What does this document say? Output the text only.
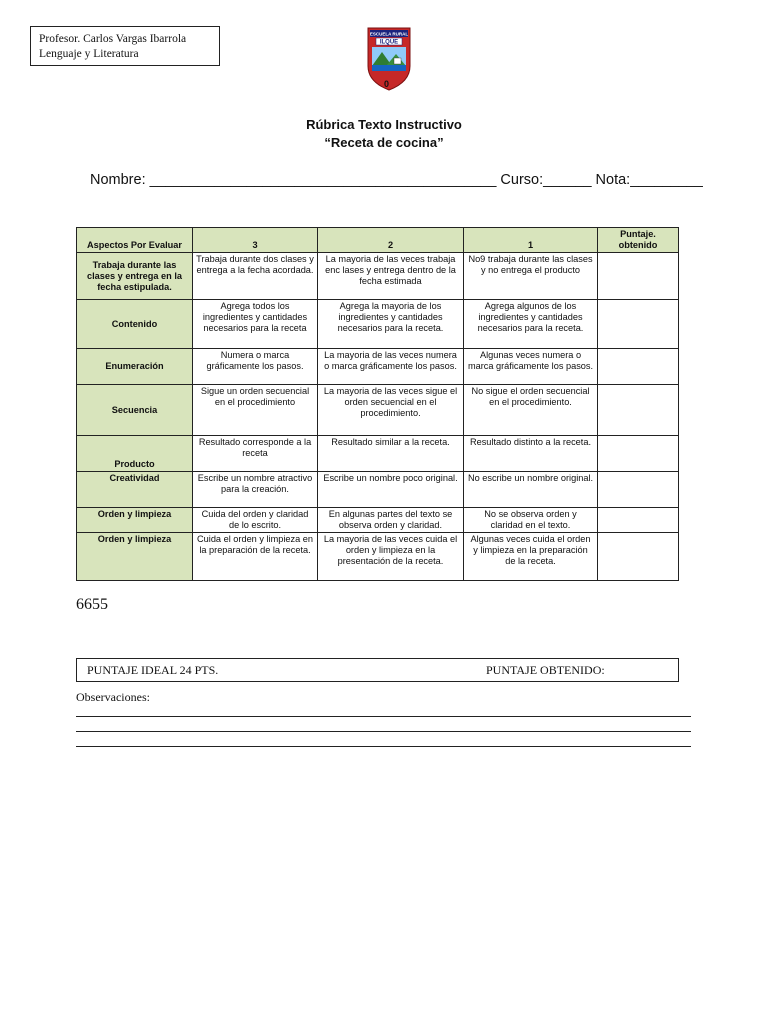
Profesor. Carlos Vargas Ibarrola
Lenguaje y Literatura
ESCUELA RURAL
ILQUE
0
Rúbrica Texto Instructivo
“Receta de cocina”
Nombre: ___________________________________________ Curso:______ Nota:_________
Aspectos Por Evaluar	3	2	1	Puntaje. obtenido
Trabaja durante las clases y entrega en la fecha estipulada.	Trabaja durante dos clases y entrega a la fecha acordada.	La mayoria de las veces trabaja enc lases y entrega dentro de la fecha estimada	No9 trabaja durante las clases y no entrega el producto	
Contenido	Agrega todos los ingredientes y cantidades necesarios para la receta	Agrega la mayoria de los ingredientes y cantidades necesarios para la receta.	Agrega algunos de los ingredientes y cantidades necesarios para la receta.	
Enumeración	Numera o marca gráficamente los pasos.	La mayoria de las veces numera o marca gráficamente los pasos.	Algunas veces numera o marca gráficamente los pasos.	
Secuencia	Sigue un orden secuencial en el procedimiento	La mayoria de las veces sigue el orden secuencial en el procedimiento.	No sigue el orden secuencial en el procedimiento.	
Producto	Resultado corresponde a la receta	Resultado similar a la receta.	Resultado distinto a la receta.	
Creatividad	Escribe un nombre atractivo para la creación.	Escribe un nombre poco original.	No escribe un nombre original.	
Orden y limpieza	Cuida del orden y claridad de lo escrito.	En algunas partes del texto se observa orden y claridad.	No se observa orden y claridad en el texto.	
Orden y limpieza	Cuida el orden y limpieza en la preparación de la receta.	La mayoria de las veces cuida el orden y limpieza en la presentación de la receta.	Algunas veces cuida el orden y limpieza en la preparación de la receta.	
6655
PUNTAJE IDEAL 24 PTS.	PUNTAJE OBTENIDO:
Observaciones:
